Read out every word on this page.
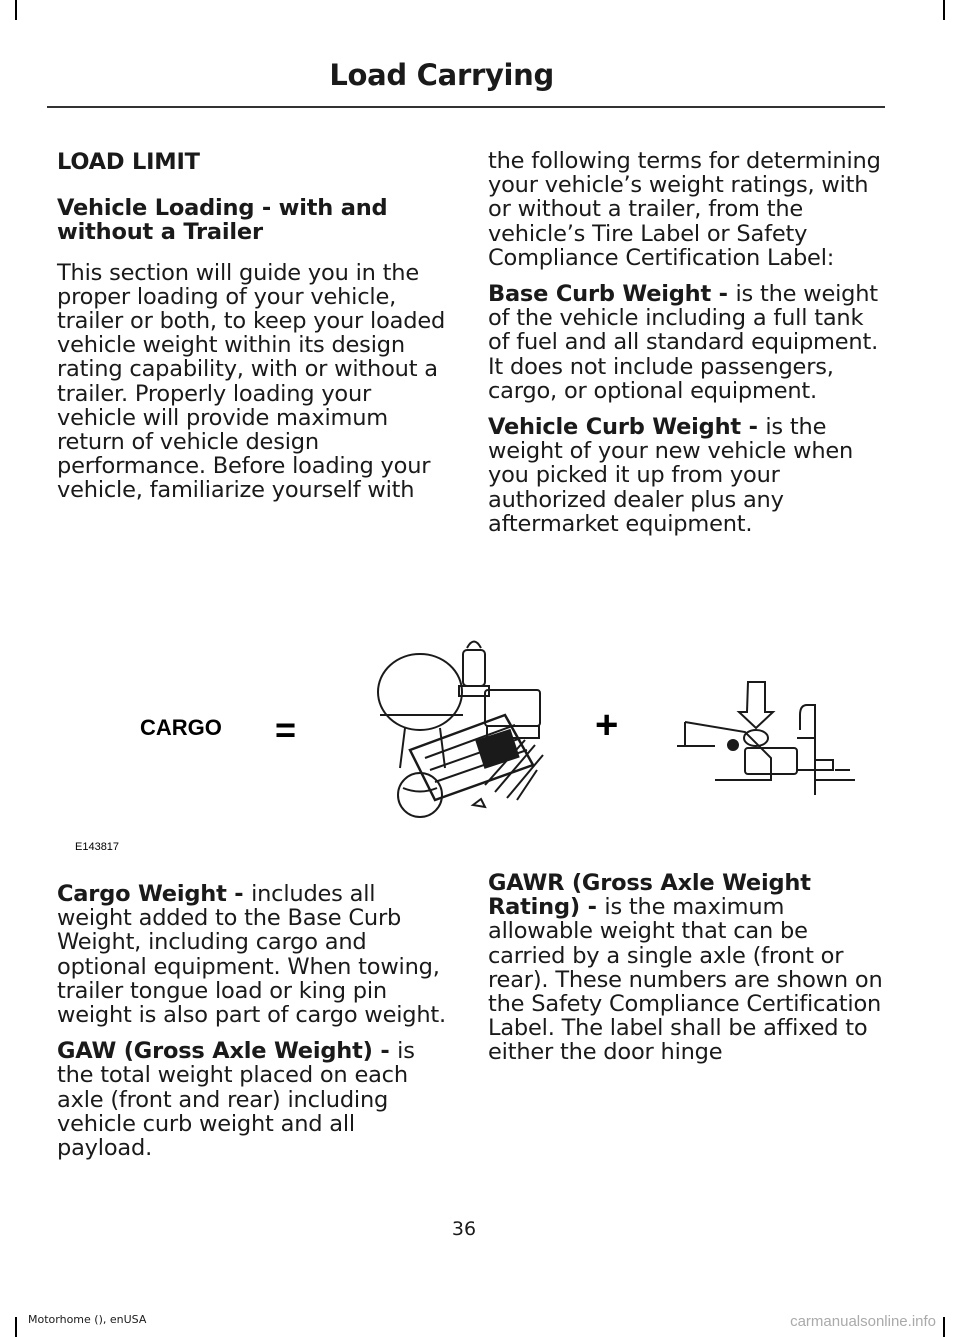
Load Carrying

LOAD LIMIT

Vehicle Loading - with and without a Trailer

This section will guide you in the proper loading of your vehicle, trailer or both, to keep your loaded vehicle weight within its design rating capability, with or without a trailer. Properly loading your vehicle will provide maximum return of vehicle design performance. Before loading your vehicle, familiarize yourself with

the following terms for determining your vehicle’s weight ratings, with or without a trailer, from the vehicle’s Tire Label or Safety Compliance Certification Label:

Base Curb Weight - is the weight of the vehicle including a full tank of fuel and all standard equipment. It does not include passengers, cargo, or optional equipment.

Vehicle Curb Weight - is the weight of your new vehicle when you picked it up from your authorized dealer plus any aftermarket equipment.

CARGO =	+
E143817

Cargo Weight - includes all weight added to the Base Curb Weight, including cargo and optional equipment. When towing, trailer tongue load or king pin weight is also part of cargo weight.

GAW (Gross Axle Weight) - is the total weight placed on each axle (front and rear) including vehicle curb weight and all payload.

GAWR (Gross Axle Weight Rating) - is the maximum allowable weight that can be carried by a single axle (front or rear). These numbers are shown on the Safety Compliance Certification Label. The label shall be affixed to either the door hinge

36
Motorhome (), enUSA	carmanualsonline.info
